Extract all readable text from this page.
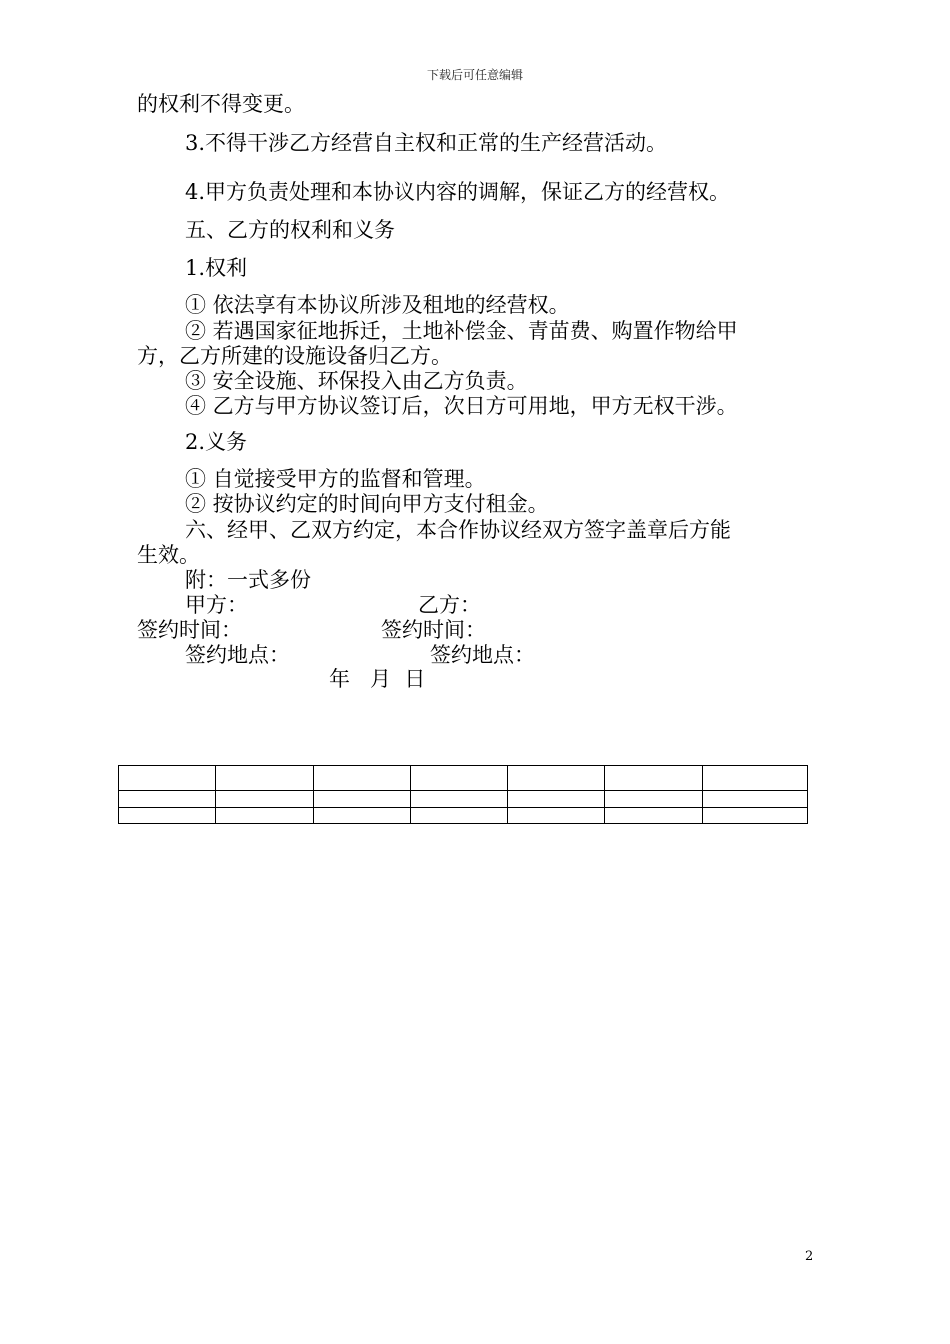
下载后可任意编辑
的权利不得变更。
3.不得干涉乙方经营自主权和正常的生产经营活动。
4.甲方负责处理和本协议内容的调解，保证乙方的经营权。
五、乙方的权利和义务
1.权利
① 依法享有本协议所涉及租地的经营权。
② 若遇国家征地拆迁，土地补偿金、青苗费、购置作物给甲
方，乙方所建的设施设备归乙方。
③ 安全设施、环保投入由乙方负责。
④ 乙方与甲方协议签订后，次日方可用地，甲方无权干涉。
2.义务
① 自觉接受甲方的监督和管理。
② 按协议约定的时间向甲方支付租金。
六、经甲、乙双方约定，本合作协议经双方签字盖章后方能
生效。
附：一式多份
甲方：	乙方：
签约时间：	签约时间：
签约地点：	签约地点：
年   月  日

2
